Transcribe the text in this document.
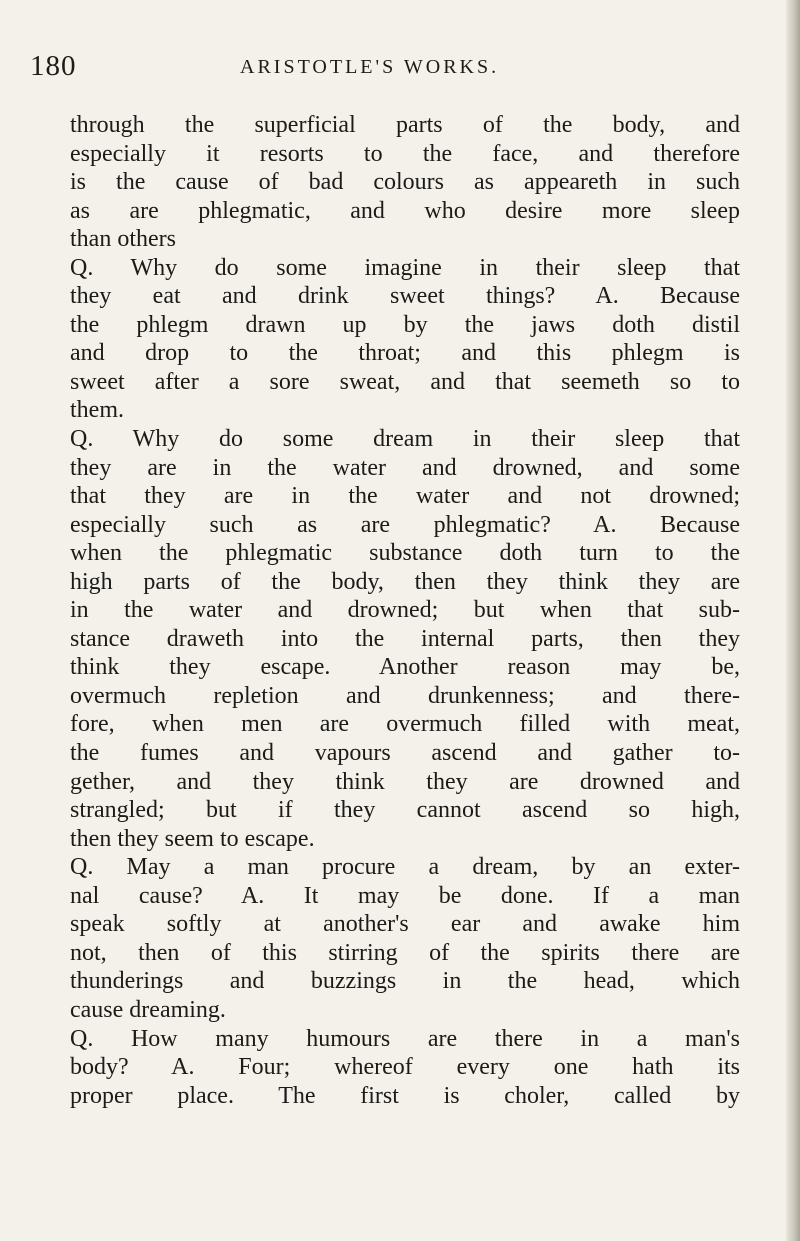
180	ARISTOTLE'S WORKS.
through the superficial parts of the body, and
especially it resorts to the face, and therefore
is the cause of bad colours as appeareth in such
as are phlegmatic, and who desire more sleep
than others
Q. Why do some imagine in their sleep that
they eat and drink sweet things? A. Because
the phlegm drawn up by the jaws doth distil
and drop to the throat; and this phlegm is
sweet after a sore sweat, and that seemeth so to
them.
Q. Why do some dream in their sleep that
they are in the water and drowned, and some
that they are in the water and not drowned;
especially such as are phlegmatic? A. Because
when the phlegmatic substance doth turn to the
high parts of the body, then they think they are
in the water and drowned; but when that sub-
stance draweth into the internal parts, then they
think they escape. Another reason may be,
overmuch repletion and drunkenness; and there-
fore, when men are overmuch filled with meat,
the fumes and vapours ascend and gather to-
gether, and they think they are drowned and
strangled; but if they cannot ascend so high,
then they seem to escape.
Q. May a man procure a dream, by an exter-
nal cause? A. It may be done. If a man
speak softly at another's ear and awake him
not, then of this stirring of the spirits there are
thunderings and buzzings in the head, which
cause dreaming.
Q. How many humours are there in a man's
body? A. Four; whereof every one hath its
proper place. The first is choler, called by
